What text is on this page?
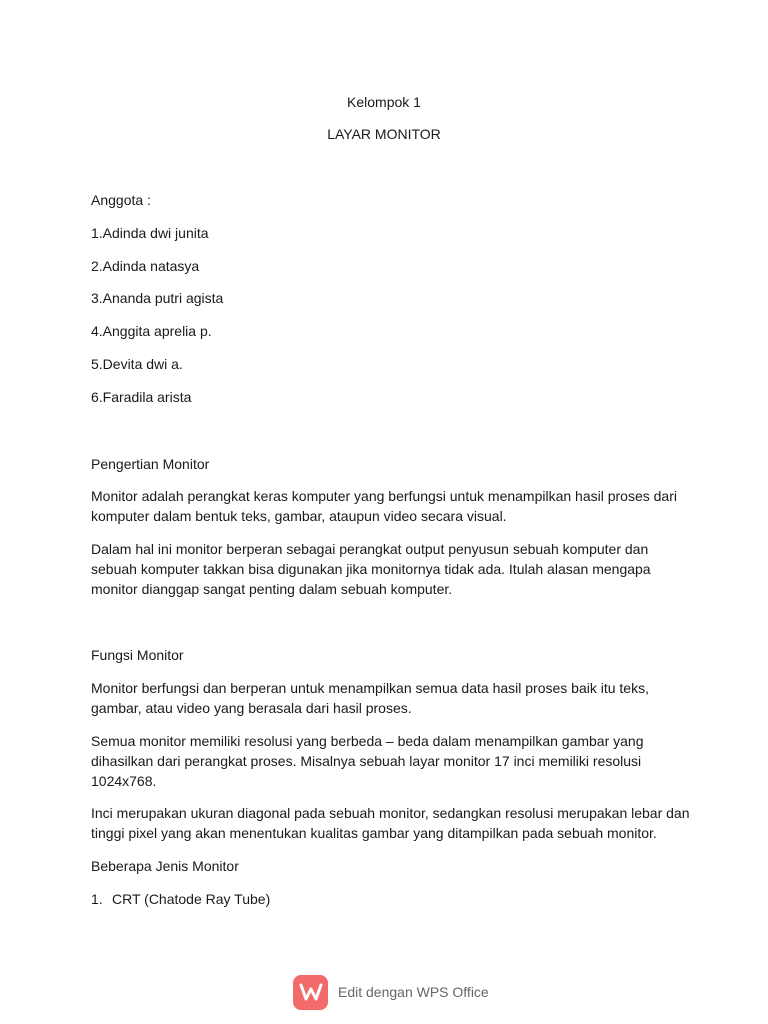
Kelompok 1
LAYAR MONITOR
Anggota :
1.Adinda dwi junita
2.Adinda natasya
3.Ananda putri agista
4.Anggita aprelia p.
5.Devita dwi a.
6.Faradila arista
Pengertian Monitor
Monitor adalah perangkat keras komputer yang berfungsi untuk menampilkan hasil proses dari
komputer dalam bentuk teks, gambar, ataupun video secara visual.
Dalam hal ini monitor berperan sebagai perangkat output penyusun sebuah komputer dan
sebuah komputer takkan bisa digunakan jika monitornya tidak ada. Itulah alasan mengapa
monitor dianggap sangat penting dalam sebuah komputer.
Fungsi Monitor
Monitor berfungsi dan berperan untuk menampilkan semua data hasil proses baik itu teks,
gambar, atau video yang berasala dari hasil proses.
Semua monitor memiliki resolusi yang berbeda – beda dalam menampilkan gambar yang
dihasilkan dari perangkat proses. Misalnya sebuah layar monitor 17 inci memiliki resolusi
1024x768.
Inci merupakan ukuran diagonal pada sebuah monitor, sedangkan resolusi merupakan lebar dan
tinggi pixel yang akan menentukan kualitas gambar yang ditampilkan pada sebuah monitor.
Beberapa Jenis Monitor
1. CRT (Chatode Ray Tube)
Edit dengan WPS Office
